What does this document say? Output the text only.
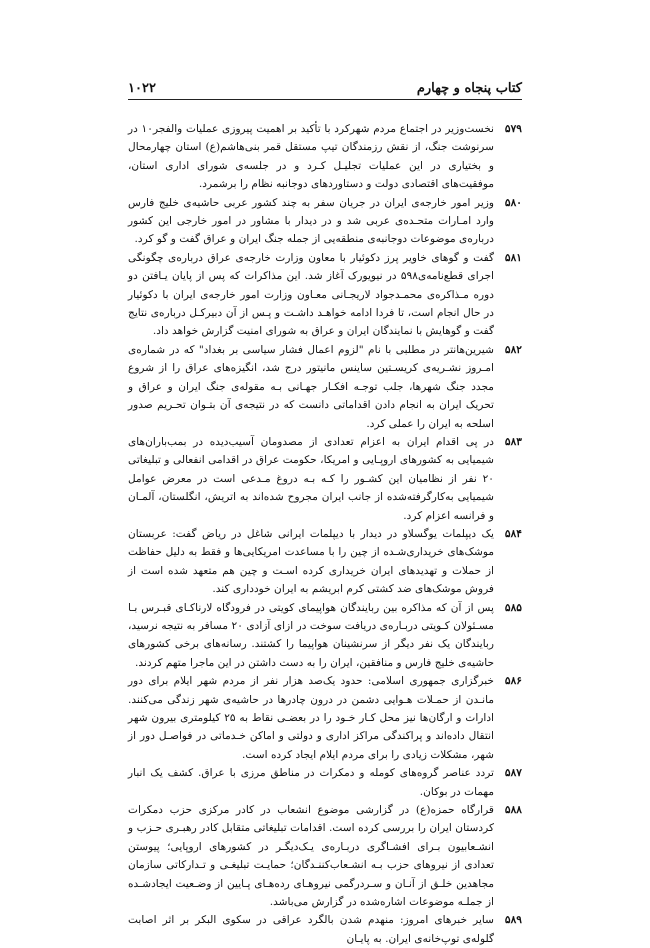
کتاب پنجاه و چهارم
۱۰۲۲

۵۷۹
نخست‌وزیر در اجتماع مردم شهرکرد با تأکید بر اهمیت پیروزی عملیات والفجر۱۰ در سرنوشت جنگ، از نقش رزمندگان تیپ مستقل قمر بنی‌هاشم(ع) استان چهارمحال و بختیاری در این عملیات تجلیـل کـرد و در جلسه‌ی شورای اداری استان، موفقیت‌های اقتصادی دولت و دستاوردهای دوجانبه نظام را برشمرد.

۵۸۰
وزیر امور خارجه‌ی ایران در جریان سفر به چند کشور عربی حاشیه‌ی خلیج فارس وارد امـارات متحـده‌ی عربی شد و در دیدار با مشاور در امور خارجی این کشور درباره‌ی موضوعات دوجانبه‌ی منطقه‌یی از جمله جنگ ایران و عراق گفت و گو کرد.

۵۸۱
گفت و گوهای خاویر پرز دکوئیار با معاون وزارت خارجه‌ی عراق درباره‌ی چگونگی اجرای قطع‌نامه‌ی۵۹۸ در نیویورک آغاز شد. این مذاکرات که پس از پایان یـافتن دو دوره مـذاکره‌ی محمـدجواد لاریجـانی معـاون وزارت امور خارجه‌ی ایران با دکوئیار در حال انجام است، تا فردا ادامه خواهـد داشـت و پـس از آن دبیرکـل درباره‌ی نتایج گفت و گوهایش با نمایندگان ایران و عراق به شورای امنیت گزارش خواهد داد.

۵۸۲
شیرین‌هانتر در مطلبی با نام "لزوم اعمال فشار سیاسی بر بغداد" که در شماره‌ی امـروز نشـریه‌ی کریسـتین ساینس مانیتور درج شد، انگیزه‌های عراق را از شروع مجدد جنگ شهرها، جلب توجـه افکـار جهـانی بـه مقوله‌ی جنگ ایران و عراق و تحریک ایران به انجام دادن اقداماتی دانست که در نتیجه‌ی آن بتـوان تحـریم صدور اسلحه به ایران را عملی کرد.

۵۸۳
در پی اقدام ایران به اعزام تعدادی از مصدومان آسیب‌دیده در بمب‌باران‌های شیمیایی به کشورهای اروپـایی و امریکا، حکومت عراق در اقدامی انفعالی و تبلیغاتی ۲۰ نفر از نظامیان این کشـور را کـه بـه دروغ مـدعی است در معرض عوامل شیمیایی به‌کارگرفته‌شده از جانب ایران مجروح شده‌اند به اتریش، انگلستان، آلمـان و فرانسه اعزام کرد.

۵۸۴
یک دیپلمات یوگسلاو در دیدار با دیپلمات ایرانی شاغل در ریاض گفت: عربستان موشک‌های خریداری‌شـده از چین را با مساعدت امریکایی‌ها و فقط به دلیل حفاظت از حملات و تهدیدهای ایران خریداری کرده اسـت و چین هم متعهد شده است از فروش موشک‌های ضد کشتی کرم ابریشم به ایران خودداری کند.

۵۸۵
پس از آن که مذاکره بین ربایندگان هواپیمای کویتی در فرودگاه لارناکـای قبـرس بـا مسـئولان کـویتی دربـاره‌ی دریافت سوخت در ازای آزادی ۲۰ مسافر به نتیجه نرسید، ربایندگان یک نفر دیگر از سرنشینان هواپیما را کشتند. رسانه‌های برخی کشورهای حاشیه‌ی خلیج فارس و منافقین، ایران را به دست داشتن در این ماجرا متهم کردند.

۵۸۶
خبرگزاری جمهوری اسلامی: حدود یک‌صد هزار نفر از مردم شهر ایلام برای دور مانـدن از حمـلات هـوایی دشمن در درون چادرها در حاشیه‌ی شهر زندگی می‌کنند. ادارات و ارگان‌ها نیز محل کـار خـود را در بعضـی نقاط به ۲۵ کیلومتری بیرون شهر انتقال داده‌اند و پراکندگی مراکز اداری و دولتی و اماکن خـدماتی در فواصـل دور از شهر، مشکلات زیادی را برای مردم ایلام ایجاد کرده است.

۵۸۷
تردد عناصر گروه‌های کومله و دمکرات در مناطق مرزی با عراق. کشف یک انبار مهمات در بوکان.

۵۸۸
قرارگاه حمزه(ع) در گزارشی موضوع انشعاب در کادر مرکزی حزب دمکرات کردستان ایران را بررسی کرده است. اقدامات تبلیغاتی متقابل کادر رهبـری حـزب و انشـعابیون بـرای افشـاگری دربـاره‌ی یـک‌دیگـر در کشورهای اروپایی؛ پیوستن تعدادی از نیروهای حزب بـه انشـعاب‌کننـدگان؛ حمایـت تبلیغـی و تـدارکاتی سازمان مجاهدین خلـق از آنـان و سـردرگمی نیروهـای رده‌هـای پـایین از وضـعیت ایجادشـده از جملـه موضوعات اشاره‌شده در گزارش می‌باشد.

۵۸۹
سایر خبرهای امروز: منهدم شدن بالگرد عراقی در سکوی البکر بر اثر اصابت گلوله‌ی توپ‌خانه‌ی ایران. به پایـان
